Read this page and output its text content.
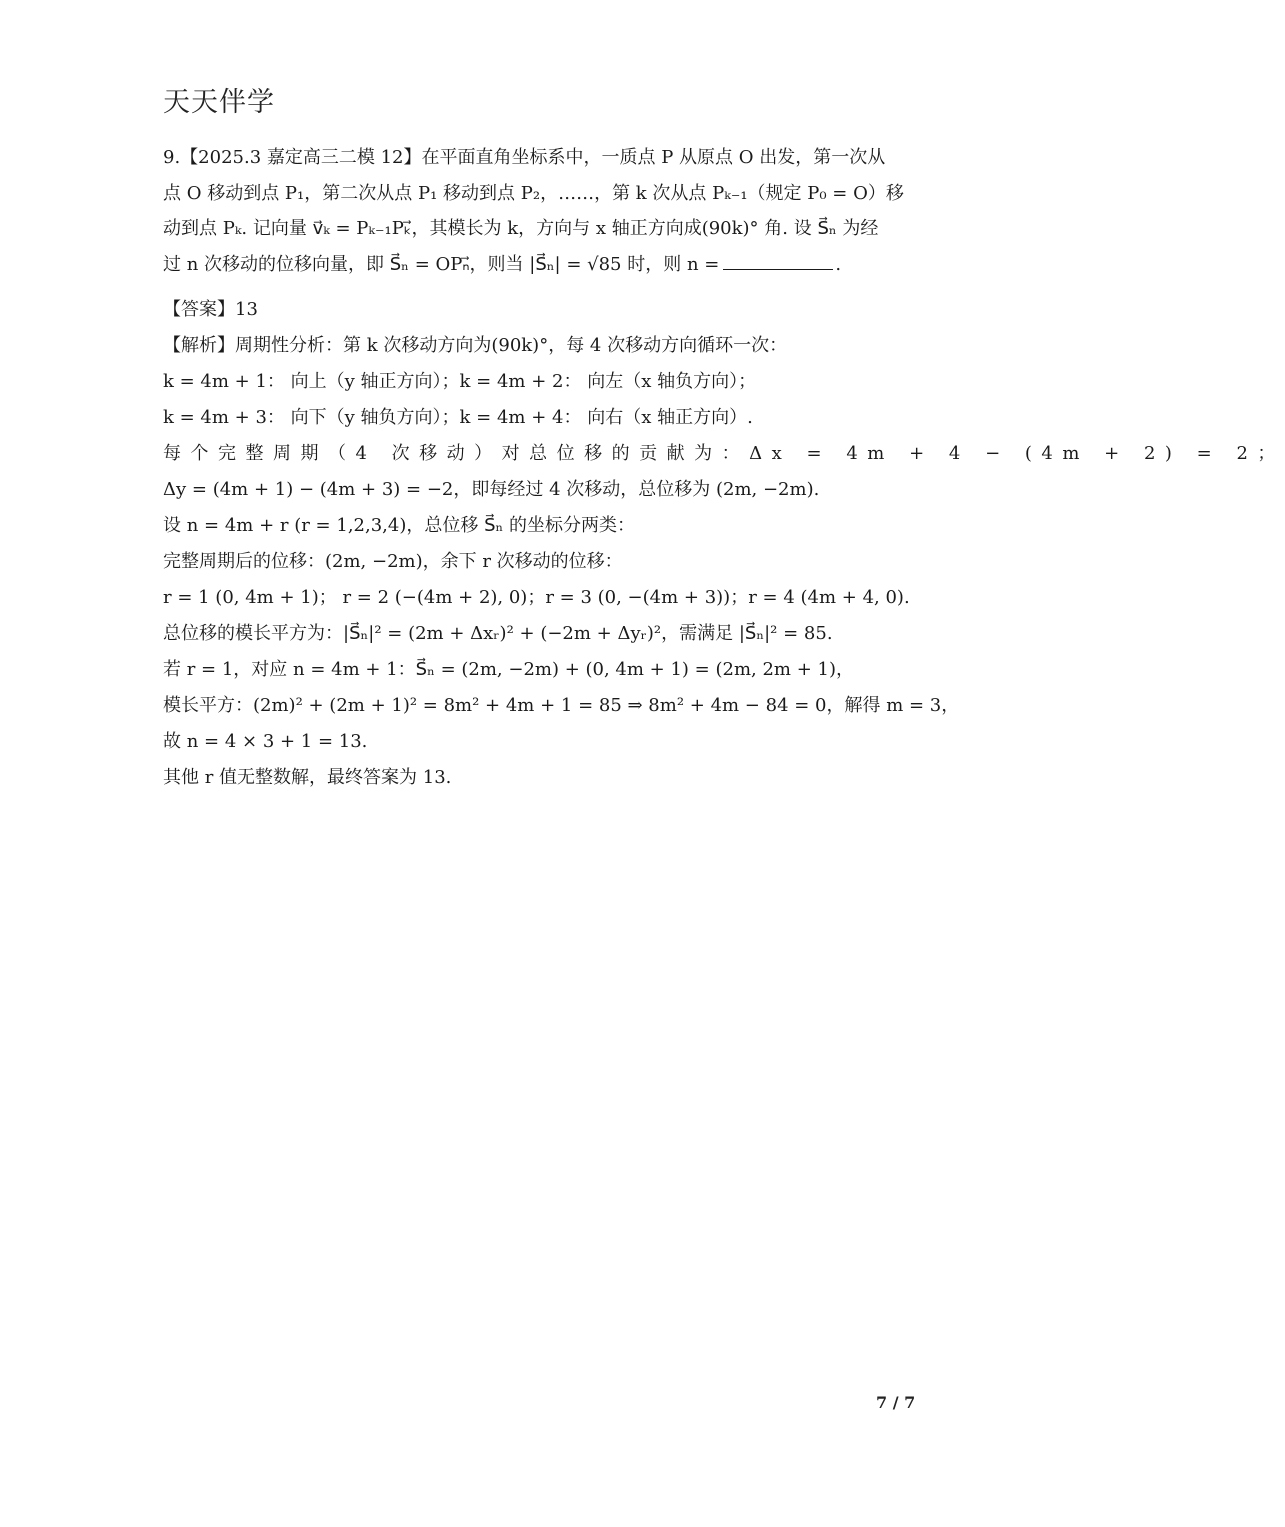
天天伴学
9.【2025.3 嘉定高三二模 12】在平面直角坐标系中，一质点 P 从原点 O 出发，第一次从
点 O 移动到点 P₁，第二次从点 P₁ 移动到点 P₂，……，第 k 次从点 Pₖ₋₁（规定 P₀ = O）移
动到点 Pₖ. 记向量 v⃗ₖ = Pₖ₋₁Pₖ⃗，其模长为 k，方向与 x 轴正方向成(90k)° 角. 设 S⃗ₙ 为经
过 n 次移动的位移向量，即 S⃗ₙ = OPₙ⃗，则当 |S⃗ₙ| = √85 时，则 n =	.
【答案】13
【解析】周期性分析：第 k 次移动方向为(90k)°，每 4 次移动方向循环一次：
k = 4m + 1： 向上（y 轴正方向）；k = 4m + 2： 向左（x 轴负方向）；
k = 4m + 3： 向下（y 轴负方向）；k = 4m + 4： 向右（x 轴正方向）.
每个完整周期（4 次移动）对总位移的贡献为：Δx = 4m + 4 − (4m + 2) = 2；
Δy = (4m + 1) − (4m + 3) = −2，即每经过 4 次移动，总位移为 (2m, −2m).
设 n = 4m + r (r = 1,2,3,4)，总位移 S⃗ₙ 的坐标分两类：
完整周期后的位移：(2m, −2m)，余下 r 次移动的位移：
r = 1 (0, 4m + 1)； r = 2 (−(4m + 2), 0)；r = 3 (0, −(4m + 3))；r = 4 (4m + 4, 0).
总位移的模长平方为：|S⃗ₙ|² = (2m + Δxᵣ)² + (−2m + Δyᵣ)²，需满足 |S⃗ₙ|² = 85.
若 r = 1，对应 n = 4m + 1：S⃗ₙ = (2m, −2m) + (0, 4m + 1) = (2m, 2m + 1)，
模长平方：(2m)² + (2m + 1)² = 8m² + 4m + 1 = 85 ⇒ 8m² + 4m − 84 = 0，解得 m = 3，
故 n = 4 × 3 + 1 = 13.
其他 r 值无整数解，最终答案为 13.
7 / 7
